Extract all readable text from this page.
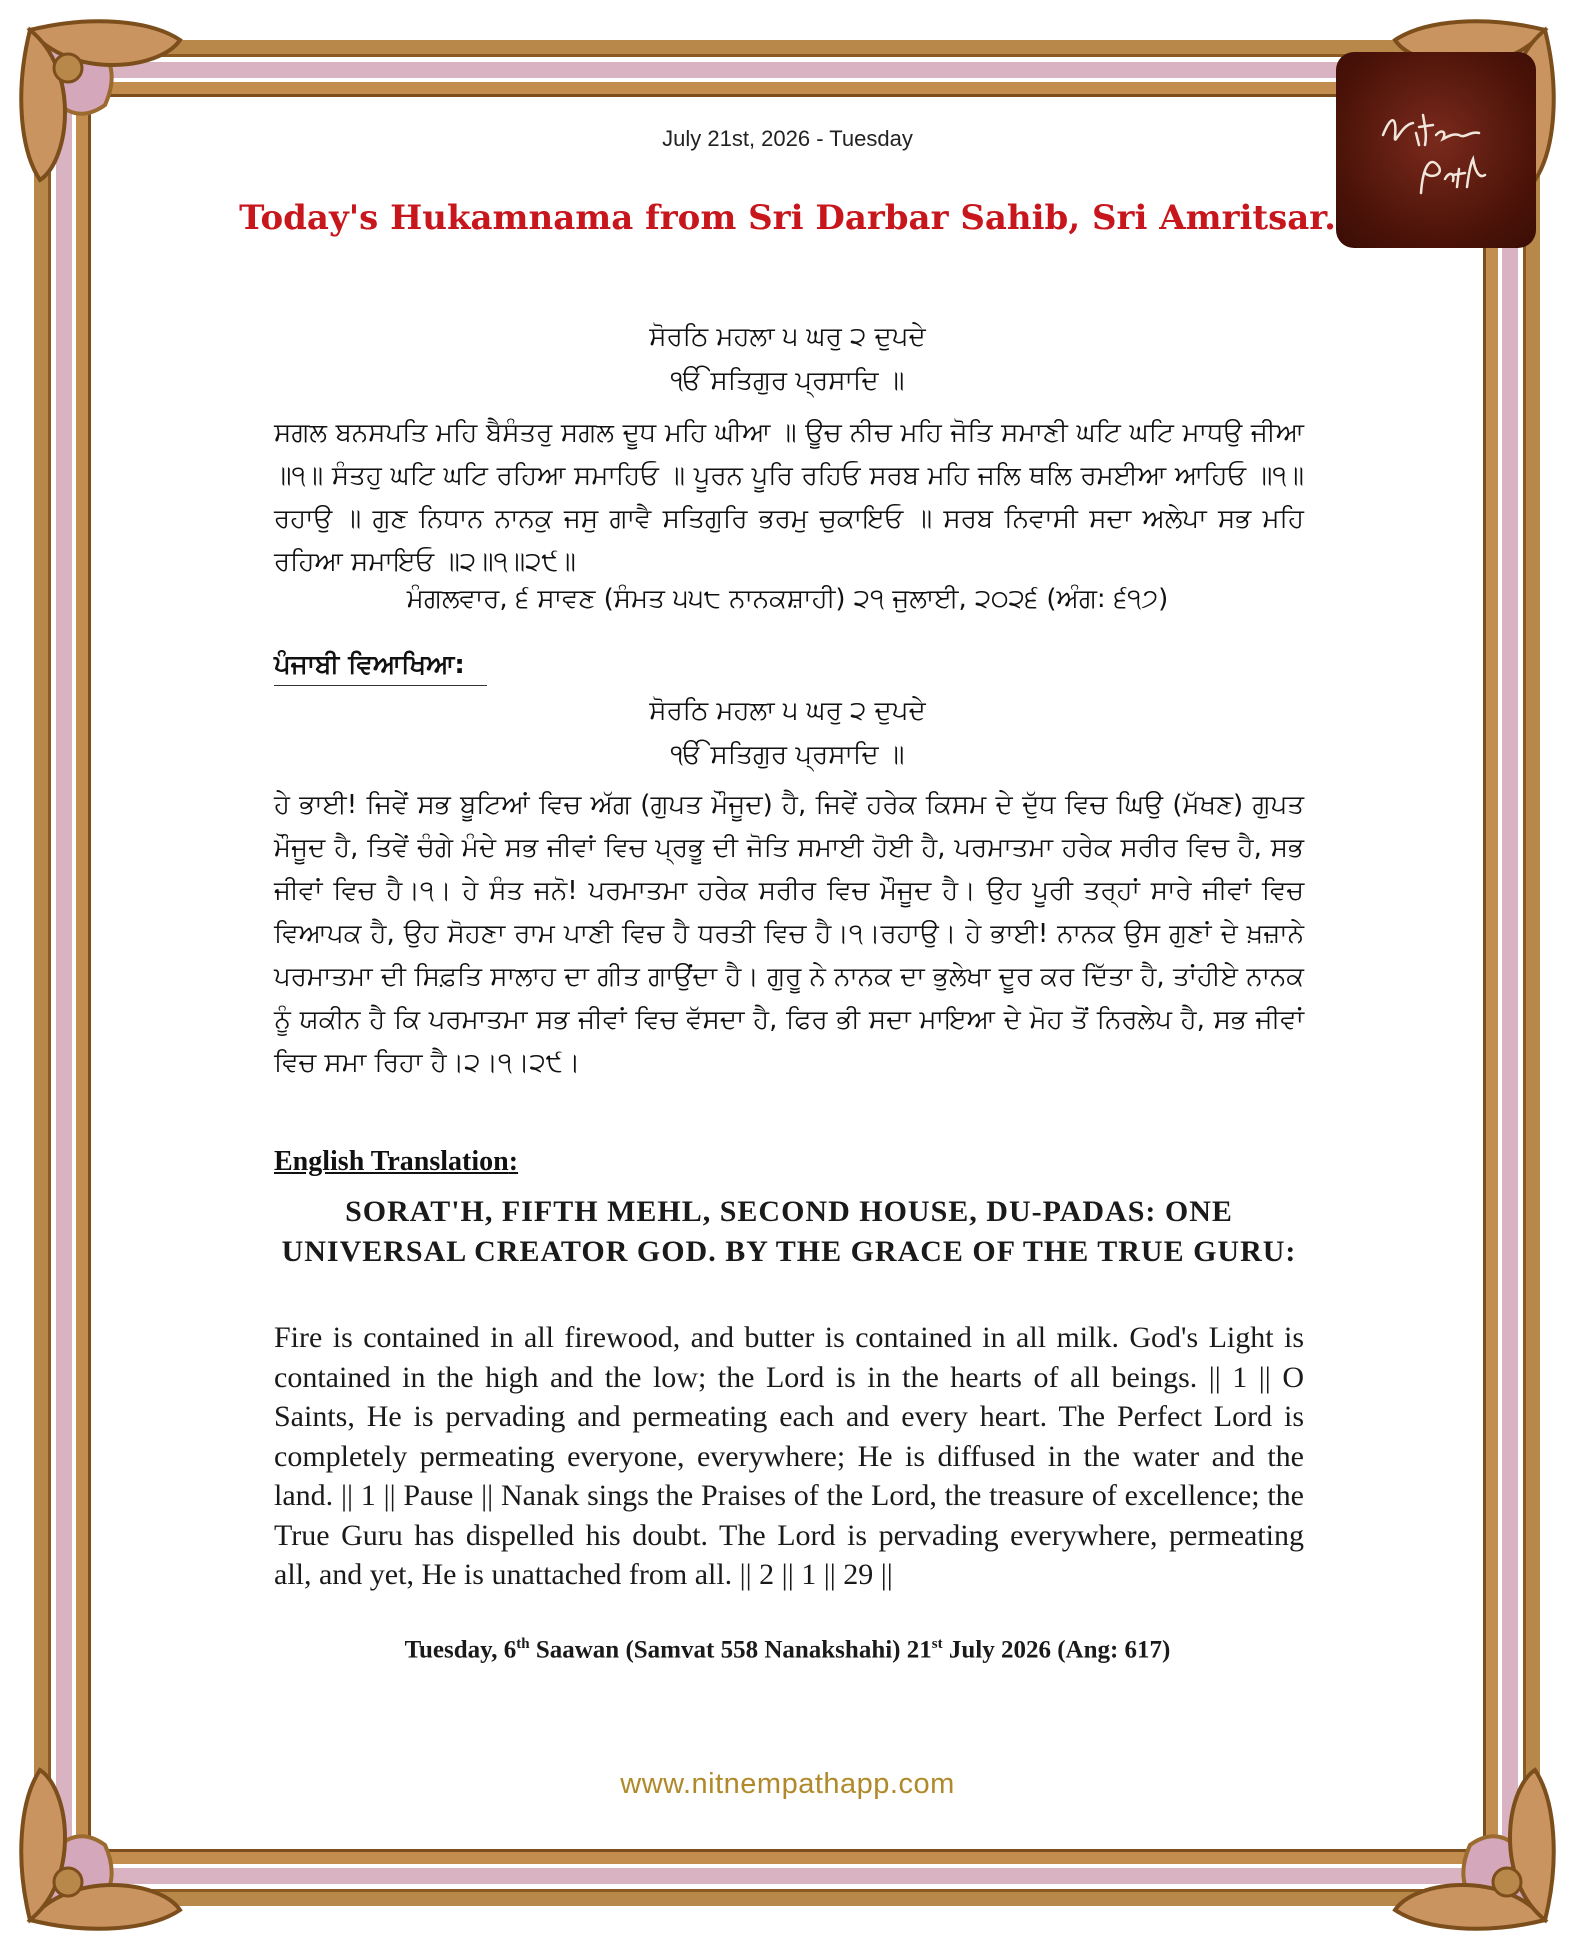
July 21st, 2026 - Tuesday
Today's Hukamnama from Sri Darbar Sahib, Sri Amritsar.
ਸੋਰਠਿ ਮਹਲਾ ੫ ਘਰੁ ੨ ਦੁਪਦੇ
ੴ ਸਤਿਗੁਰ ਪ੍ਰਸਾਦਿ ॥
ਸਗਲ ਬਨਸਪਤਿ ਮਹਿ ਬੈਸੰਤਰੁ ਸਗਲ ਦੂਧ ਮਹਿ ਘੀਆ ॥ ਊਚ ਨੀਚ ਮਹਿ ਜੋਤਿ ਸਮਾਣੀ ਘਟਿ ਘਟਿ ਮਾਧਉ ਜੀਆ ॥੧॥ ਸੰਤਹੁ ਘਟਿ ਘਟਿ ਰਹਿਆ ਸਮਾਹਿਓ ॥ ਪੂਰਨ ਪੂਰਿ ਰਹਿਓ ਸਰਬ ਮਹਿ ਜਲਿ ਥਲਿ ਰਮਈਆ ਆਹਿਓ ॥੧॥ ਰਹਾਉ ॥ ਗੁਣ ਨਿਧਾਨ ਨਾਨਕੁ ਜਸੁ ਗਾਵੈ ਸਤਿਗੁਰਿ ਭਰਮੁ ਚੁਕਾਇਓ ॥ ਸਰਬ ਨਿਵਾਸੀ ਸਦਾ ਅਲੇਪਾ ਸਭ ਮਹਿ ਰਹਿਆ ਸਮਾਇਓ ॥੨॥੧॥੨੯॥
ਮੰਗਲਵਾਰ, ੬ ਸਾਵਣ (ਸੰਮਤ ੫੫੮ ਨਾਨਕਸ਼ਾਹੀ) ੨੧ ਜੁਲਾਈ, ੨੦੨੬ (ਅੰਗ: ੬੧੭)
ਪੰਜਾਬੀ ਵਿਆਖਿਆ:
ਸੋਰਠਿ ਮਹਲਾ ੫ ਘਰੁ ੨ ਦੁਪਦੇ
ੴ ਸਤਿਗੁਰ ਪ੍ਰਸਾਦਿ ॥
ਹੇ ਭਾਈ! ਜਿਵੇਂ ਸਭ ਬੂਟਿਆਂ ਵਿਚ ਅੱਗ (ਗੁਪਤ ਮੌਜੂਦ) ਹੈ, ਜਿਵੇਂ ਹਰੇਕ ਕਿਸਮ ਦੇ ਦੁੱਧ ਵਿਚ ਘਿਉ (ਮੱਖਣ) ਗੁਪਤ ਮੌਜੂਦ ਹੈ, ਤਿਵੇਂ ਚੰਗੇ ਮੰਦੇ ਸਭ ਜੀਵਾਂ ਵਿਚ ਪ੍ਰਭੂ ਦੀ ਜੋਤਿ ਸਮਾਈ ਹੋਈ ਹੈ, ਪਰਮਾਤਮਾ ਹਰੇਕ ਸਰੀਰ ਵਿਚ ਹੈ, ਸਭ ਜੀਵਾਂ ਵਿਚ ਹੈ।੧। ਹੇ ਸੰਤ ਜਨੋ! ਪਰਮਾਤਮਾ ਹਰੇਕ ਸਰੀਰ ਵਿਚ ਮੌਜੂਦ ਹੈ। ਉਹ ਪੂਰੀ ਤਰ੍ਹਾਂ ਸਾਰੇ ਜੀਵਾਂ ਵਿਚ ਵਿਆਪਕ ਹੈ, ਉਹ ਸੋਹਣਾ ਰਾਮ ਪਾਣੀ ਵਿਚ ਹੈ ਧਰਤੀ ਵਿਚ ਹੈ।੧।ਰਹਾਉ। ਹੇ ਭਾਈ! ਨਾਨਕ ਉਸ ਗੁਣਾਂ ਦੇ ਖ਼ਜ਼ਾਨੇ ਪਰਮਾਤਮਾ ਦੀ ਸਿਫ਼ਤਿ ਸਾਲਾਹ ਦਾ ਗੀਤ ਗਾਉਂਦਾ ਹੈ। ਗੁਰੂ ਨੇ ਨਾਨਕ ਦਾ ਭੁਲੇਖਾ ਦੂਰ ਕਰ ਦਿੱਤਾ ਹੈ, ਤਾਂਹੀਏ ਨਾਨਕ ਨੂੰ ਯਕੀਨ ਹੈ ਕਿ ਪਰਮਾਤਮਾ ਸਭ ਜੀਵਾਂ ਵਿਚ ਵੱਸਦਾ ਹੈ, ਫਿਰ ਭੀ ਸਦਾ ਮਾਇਆ ਦੇ ਮੋਹ ਤੋਂ ਨਿਰਲੇਪ ਹੈ, ਸਭ ਜੀਵਾਂ ਵਿਚ ਸਮਾ ਰਿਹਾ ਹੈ।੨।੧।੨੯।
English Translation:
SORAT'H, FIFTH MEHL, SECOND HOUSE, DU-PADAS: ONE UNIVERSAL CREATOR GOD. BY THE GRACE OF THE TRUE GURU:
Fire is contained in all firewood, and butter is contained in all milk. God's Light is contained in the high and the low; the Lord is in the hearts of all beings. || 1 || O Saints, He is pervading and permeating each and every heart. The Perfect Lord is completely permeating everyone, everywhere; He is diffused in the water and the land. || 1 || Pause || Nanak sings the Praises of the Lord, the treasure of excellence; the True Guru has dispelled his doubt. The Lord is pervading everywhere, permeating all, and yet, He is unattached from all. || 2 || 1 || 29 ||
Tuesday, 6th Saawan (Samvat 558 Nanakshahi) 21st July 2026 (Ang: 617)
www.nitnempathapp.com
